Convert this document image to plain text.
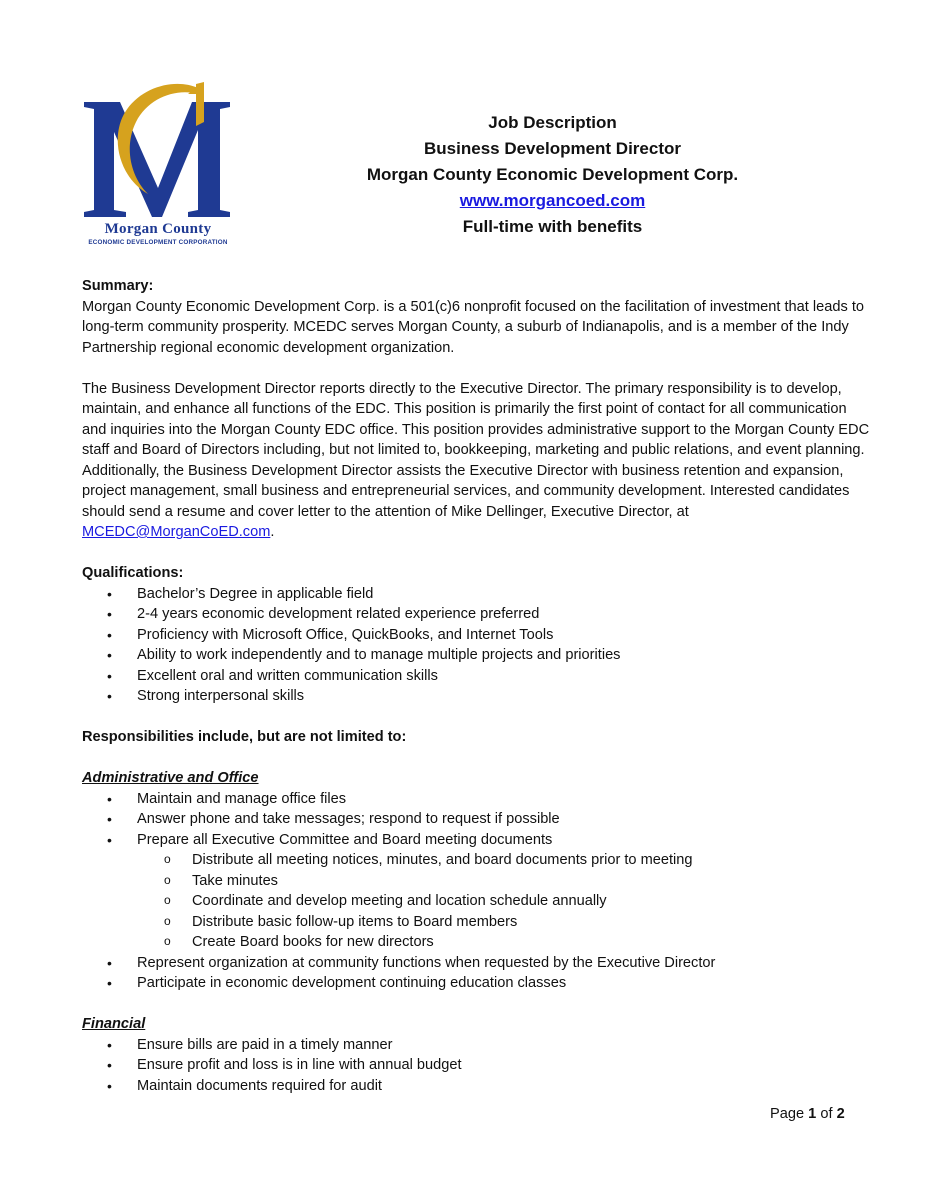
Morgan County
ECONOMIC DEVELOPMENT CORPORATION
Job Description
Business Development Director
Morgan County Economic Development Corp.
www.morgancoed.com
Full-time with benefits

Summary:

Morgan County Economic Development Corp. is a 501(c)6 nonprofit focused on the facilitation of investment that leads to long-term community prosperity. MCEDC serves Morgan County, a suburb of Indianapolis, and is a member of the Indy Partnership regional economic development organization.

The Business Development Director reports directly to the Executive Director. The primary responsibility is to develop, maintain, and enhance all functions of the EDC. This position is primarily the first point of contact for all communication and inquiries into the Morgan County EDC office. This position provides administrative support to the Morgan County EDC staff and Board of Directors including, but not limited to, bookkeeping, marketing and public relations, and event planning. Additionally, the Business Development Director assists the Executive Director with business retention and expansion, project management, small business and entrepreneurial services, and community development. Interested candidates should send a resume and cover letter to the attention of Mike Dellinger, Executive Director, at MCEDC@MorganCoED.com.

Qualifications:

• Bachelor’s Degree in applicable field
• 2-4 years economic development related experience preferred
• Proficiency with Microsoft Office, QuickBooks, and Internet Tools
• Ability to work independently and to manage multiple projects and priorities
• Excellent oral and written communication skills
• Strong interpersonal skills

Responsibilities include, but are not limited to:

Administrative and Office

• Maintain and manage office files
• Answer phone and take messages; respond to request if possible
• Prepare all Executive Committee and Board meeting documents
o Distribute all meeting notices, minutes, and board documents prior to meeting
o Take minutes
o Coordinate and develop meeting and location schedule annually
o Distribute basic follow-up items to Board members
o Create Board books for new directors
• Represent organization at community functions when requested by the Executive Director
• Participate in economic development continuing education classes

Financial

• Ensure bills are paid in a timely manner
• Ensure profit and loss is in line with annual budget
• Maintain documents required for audit
Page 1 of 2
